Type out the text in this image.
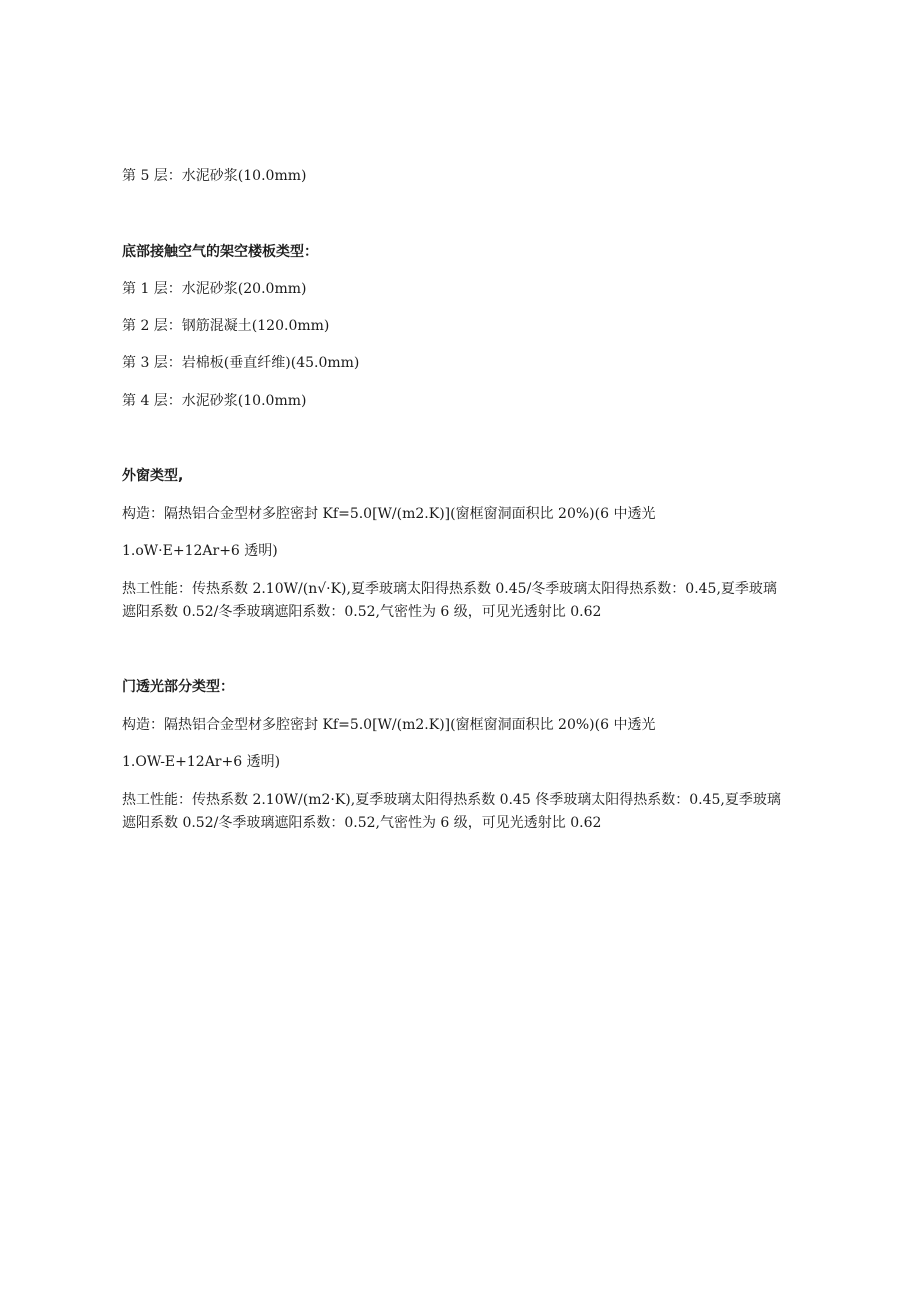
第 5 层：水泥砂浆(10.0mm)
底部接触空气的架空楼板类型：
第 1 层：水泥砂浆(20.0mm)
第 2 层：钢筋混凝土(120.0mm)
第 3 层：岩棉板(垂直纤维)(45.0mm)
第 4 层：水泥砂浆(10.0mm)
外窗类型,
构造：隔热铝合金型材多腔密封 Kf=5.0[W/(m2.K)](窗框窗洞面积比 20%)(6 中透光
1.oW·E+12Ar+6 透明)
热工性能：传热系数 2.10W/(n√·K),夏季玻璃太阳得热系数 0.45/冬季玻璃太阳得热系数：0.45,夏季玻璃
遮阳系数 0.52/冬季玻璃遮阳系数：0.52,气密性为 6 级，可见光透射比 0.62
门透光部分类型：
构造：隔热铝合金型材多腔密封 Kf=5.0[W/(m2.K)](窗框窗洞面积比 20%)(6 中透光
1.OW-E+12Ar+6 透明)
热工性能：传热系数 2.10W/(m2·K),夏季玻璃太阳得热系数 0.45 佟季玻璃太阳得热系数：0.45,夏季玻璃
遮阳系数 0.52/冬季玻璃遮阳系数：0.52,气密性为 6 级，可见光透射比 0.62
